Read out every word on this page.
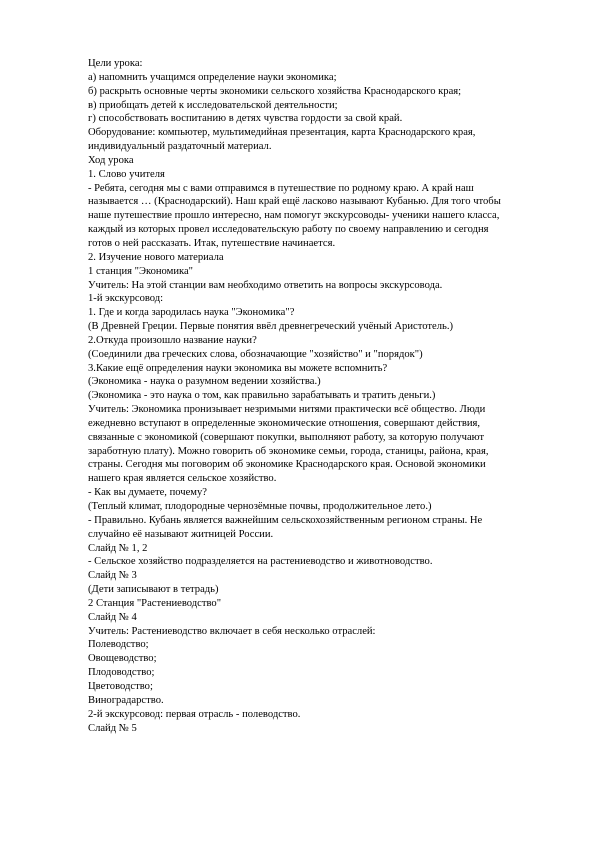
Цели урока:
а) напомнить учащимся определение науки экономика;
б) раскрыть основные черты экономики сельского хозяйства Краснодарского края;
в) приобщать детей к исследовательской деятельности;
г) способствовать воспитанию в детях чувства гордости за свой край.
Оборудование: компьютер, мультимедийная презентация, карта Краснодарского края,
индивидуальный раздаточный материал.
Ход урока
1. Слово учителя
- Ребята, сегодня мы с вами отправимся в путешествие по родному краю. А край наш
называется … (Краснодарский). Наш край ещё ласково называют Кубанью. Для того чтобы
наше путешествие прошло интересно, нам помогут экскурсоводы- ученики нашего класса,
каждый из которых провел исследовательскую работу по своему направлению и сегодня
готов о ней рассказать. Итак, путешествие начинается.
2. Изучение нового материала
1 станция "Экономика"
Учитель: На этой станции вам необходимо ответить на вопросы экскурсовода.
1-й экскурсовод:
1. Где и когда зародилась наука "Экономика"?
(В Древней Греции. Первые понятия ввёл древнегреческий учёный Аристотель.)
2.Откуда произошло название науки?
(Соединили два греческих слова, обозначающие "хозяйство" и "порядок")
3.Какие ещё определения науки экономика вы можете вспомнить?
(Экономика - наука о разумном ведении хозяйства.)
(Экономика - это наука о том, как правильно зарабатывать и тратить деньги.)
Учитель: Экономика пронизывает незримыми нитями практически всё общество. Люди
ежедневно вступают в определенные экономические отношения, совершают действия,
связанные с экономикой (совершают покупки, выполняют работу, за которую получают
заработную плату). Можно говорить об экономике семьи, города, станицы, района, края,
страны. Сегодня мы поговорим об экономике Краснодарского края. Основой экономики
нашего края является сельское хозяйство.
- Как вы думаете, почему?
(Теплый климат, плодородные чернозёмные почвы, продолжительное лето.)
- Правильно. Кубань является важнейшим сельскохозяйственным регионом страны. Не
случайно её называют житницей России.
Слайд № 1, 2
- Сельское хозяйство подразделяется на растениеводство и животноводство.
Слайд № 3
(Дети записывают в тетрадь)
2 Станция "Растениеводство"
Слайд № 4
Учитель: Растениеводство включает в себя несколько отраслей:
Полеводство;
Овощеводство;
Плодоводство;
Цветоводство;
Виноградарство.
2-й экскурсовод: первая отрасль - полеводство.
Слайд № 5
